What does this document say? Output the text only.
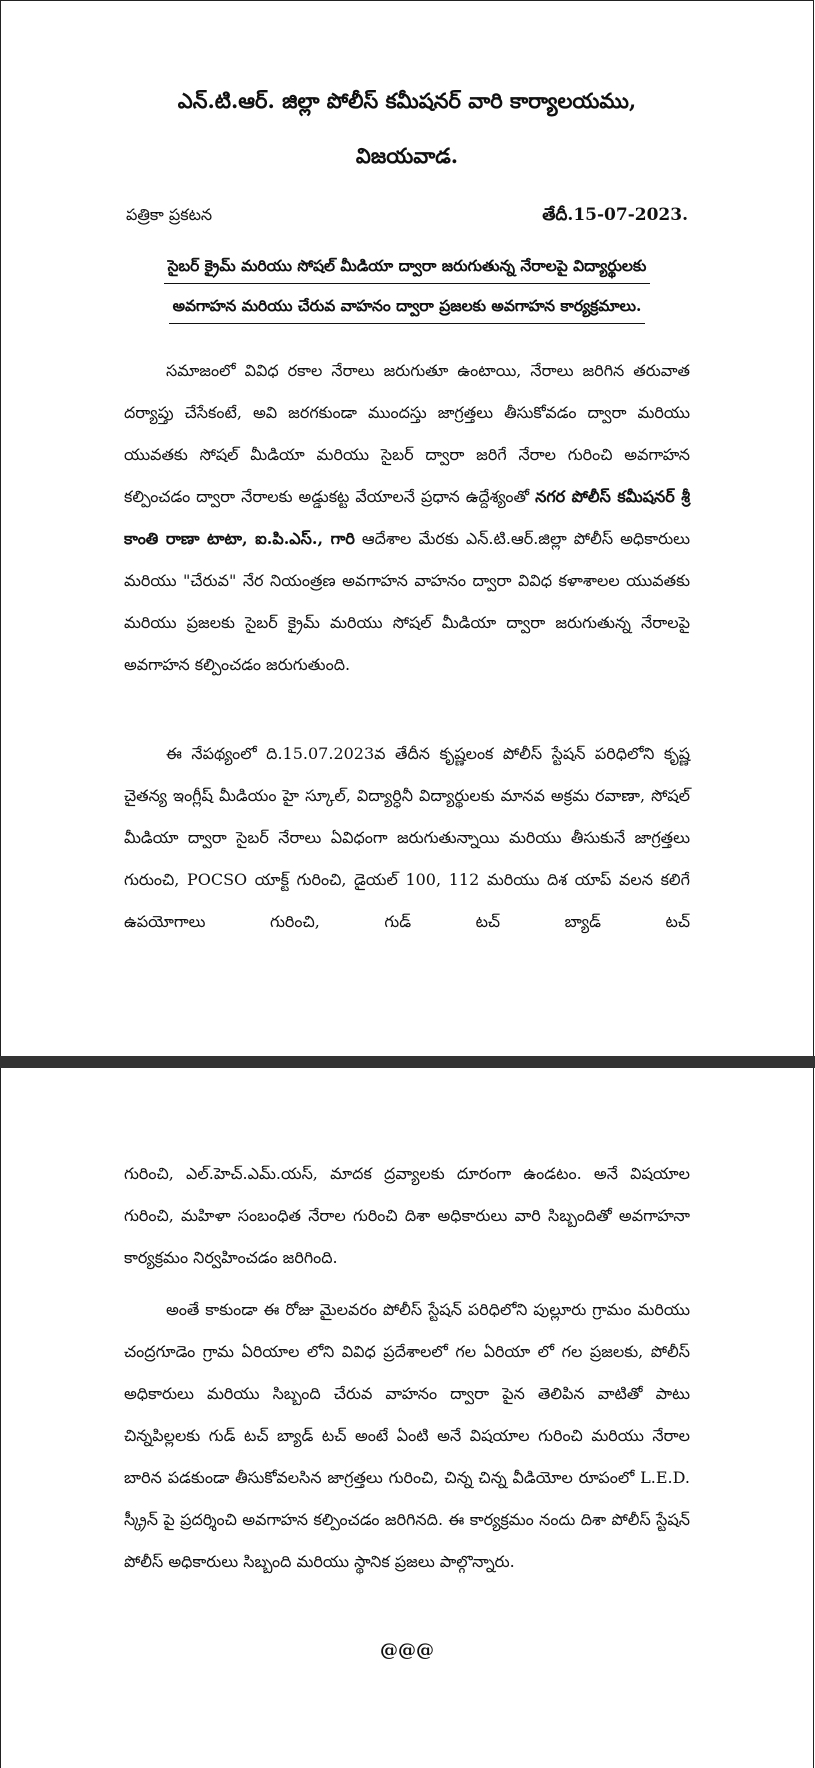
ఎన్.టి.ఆర్. జిల్లా పోలీస్ కమీషనర్ వారి కార్యాలయము,
విజయవాడ.
పత్రికా ప్రకటన	తేదీ.15-07-2023.
సైబర్ క్రైమ్ మరియు సోషల్ మీడియా ద్వారా జరుగుతున్న నేరాలపై విద్యార్థులకు
అవగాహన మరియు చేరువ వాహనం ద్వారా ప్రజలకు అవగాహన కార్యక్రమాలు.

సమాజంలో వివిధ రకాల నేరాలు జరుగుతూ ఉంటాయి, నేరాలు జరిగిన తరువాత దర్యాప్తు చేసేకంటే, అవి జరగకుండా ముందస్తు జాగ్రత్తలు తీసుకోవడం ద్వారా మరియు యువతకు సోషల్ మీడియా మరియు సైబర్ ద్వారా జరిగే నేరాల గురించి అవగాహన కల్పించడం ద్వారా నేరాలకు అడ్డుకట్ట వేయాలనే ప్రధాన ఉద్దేశ్యంతో నగర పోలీస్ కమీషనర్ శ్రీ కాంతి రాణా టాటా, ఐ.పి.ఎస్., గారి ఆదేశాల మేరకు ఎన్.టి.ఆర్.జిల్లా పోలీస్ అధికారులు మరియు "చేరువ" నేర నియంత్రణ అవగాహన వాహనం ద్వారా వివిధ కళాశాలల యువతకు మరియు ప్రజలకు సైబర్ క్రైమ్ మరియు సోషల్ మీడియా ద్వారా జరుగుతున్న నేరాలపై అవగాహన కల్పించడం జరుగుతుంది.

ఈ నేపథ్యంలో ది.15.07.2023వ తేదీన కృష్ణలంక పోలీస్ స్టేషన్ పరిధిలోని కృష్ణ చైతన్య ఇంగ్లీష్ మీడియం హై స్కూల్, విద్యార్ధినీ విద్యార్థులకు మానవ అక్రమ రవాణా, సోషల్ మీడియా ద్వారా సైబర్ నేరాలు ఏవిధంగా జరుగుతున్నాయి మరియు తీసుకునే జాగ్రత్తలు గురుంచి, POCSO యాక్ట్ గురించి, డైయల్ 100, 112 మరియు దిశ యాప్ వలన కలిగే ఉపయోగాలు గురించి, గుడ్ టచ్ బ్యాడ్ టచ్

గురించి, ఎల్.హెచ్.ఎమ్.యస్, మాదక ద్రవ్యాలకు దూరంగా ఉండటం. అనే విషయాల గురించి, మహిళా సంబంధిత నేరాల గురించి దిశా అధికారులు వారి సిబ్బందితో అవగాహనా కార్యక్రమం నిర్వహించడం జరిగింది.

అంతే కాకుండా ఈ రోజు మైలవరం పోలీస్ స్టేషన్ పరిధిలోని పుల్లూరు గ్రామం మరియు చంద్రగూడెం గ్రామ ఏరియాల లోని వివిధ ప్రదేశాలలో గల ఏరియా లో గల ప్రజలకు, పోలీస్ అధికారులు మరియు సిబ్బంది చేరువ వాహనం ద్వారా పైన తెలిపిన వాటితో పాటు చిన్నపిల్లలకు గుడ్ టచ్ బ్యాడ్ టచ్ అంటే ఏంటి అనే విషయాల గురించి మరియు నేరాల బారిన పడకుండా తీసుకోవలసిన జాగ్రత్తలు గురించి, చిన్న చిన్న వీడియోల రూపంలో L.E.D. స్క్రీన్ పై ప్రదర్శించి అవగాహన కల్పించడం జరిగినది. ఈ కార్యక్రమం నందు దిశా పోలీస్ స్టేషన్ పోలీస్ అధికారులు సిబ్బంది మరియు స్థానిక ప్రజలు పాల్గొన్నారు.

@@@
